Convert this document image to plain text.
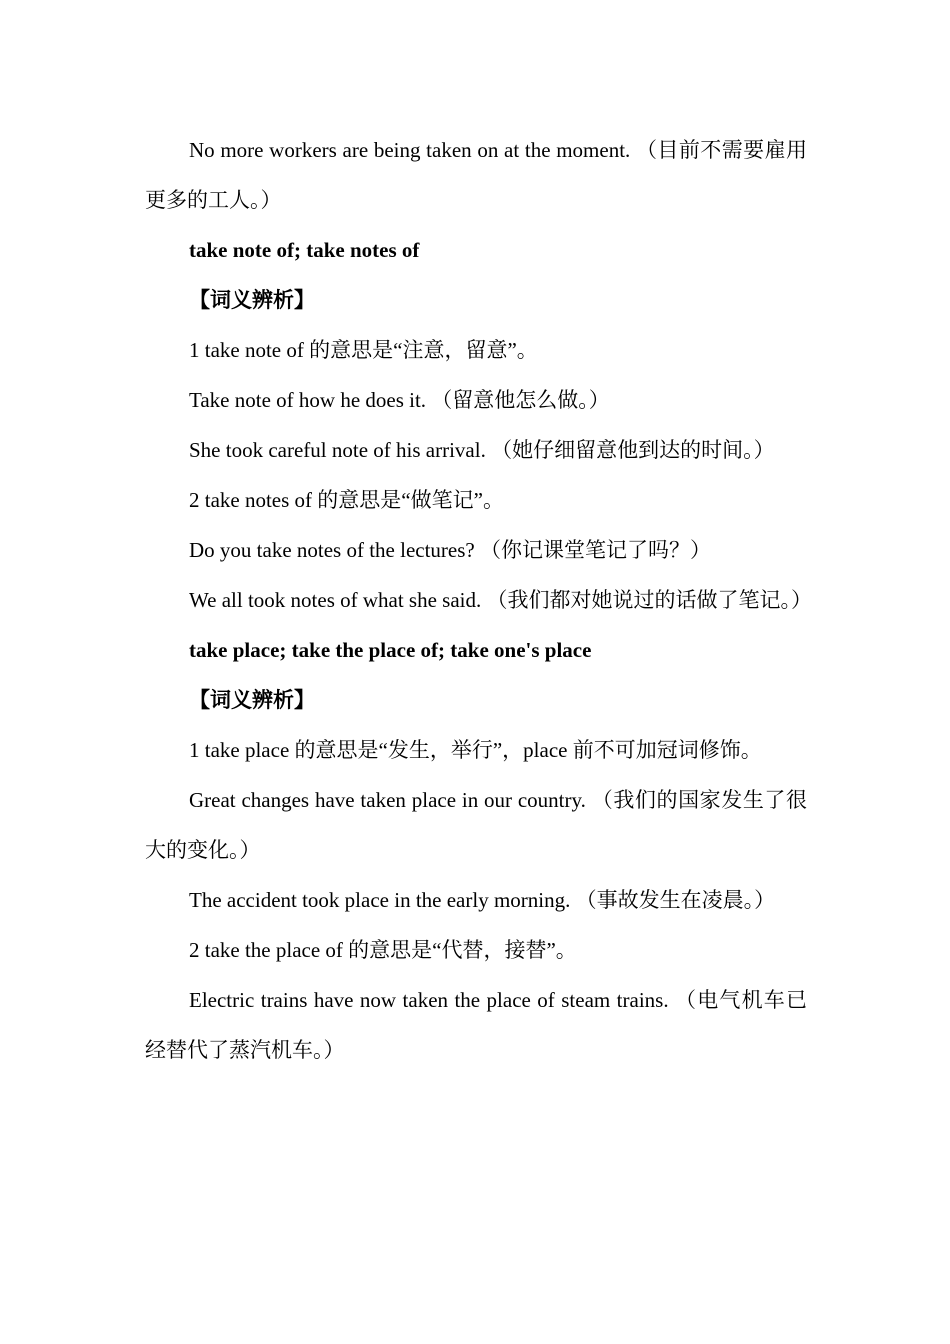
No more workers are being taken on at the moment. （目前不需要雇用更多的工人。）

take note of; take notes of

【词义辨析】

1 take note of 的意思是“注意，留意”。

Take note of how he does it. （留意他怎么做。）

She took careful note of his arrival. （她仔细留意他到达的时间。）

2 take notes of 的意思是“做笔记”。

Do you take notes of the lectures? （你记课堂笔记了吗？）

We all took notes of what she said. （我们都对她说过的话做了笔记。）

take place; take the place of; take one's place

【词义辨析】

1 take place 的意思是“发生，举行”，place 前不可加冠词修饰。

Great changes have taken place in our country. （我们的国家发生了很大的变化。）

The accident took place in the early morning. （事故发生在凌晨。）

2 take the place of 的意思是“代替，接替”。

Electric trains have now taken the place of steam trains. （电气机车已经替代了蒸汽机车。）
